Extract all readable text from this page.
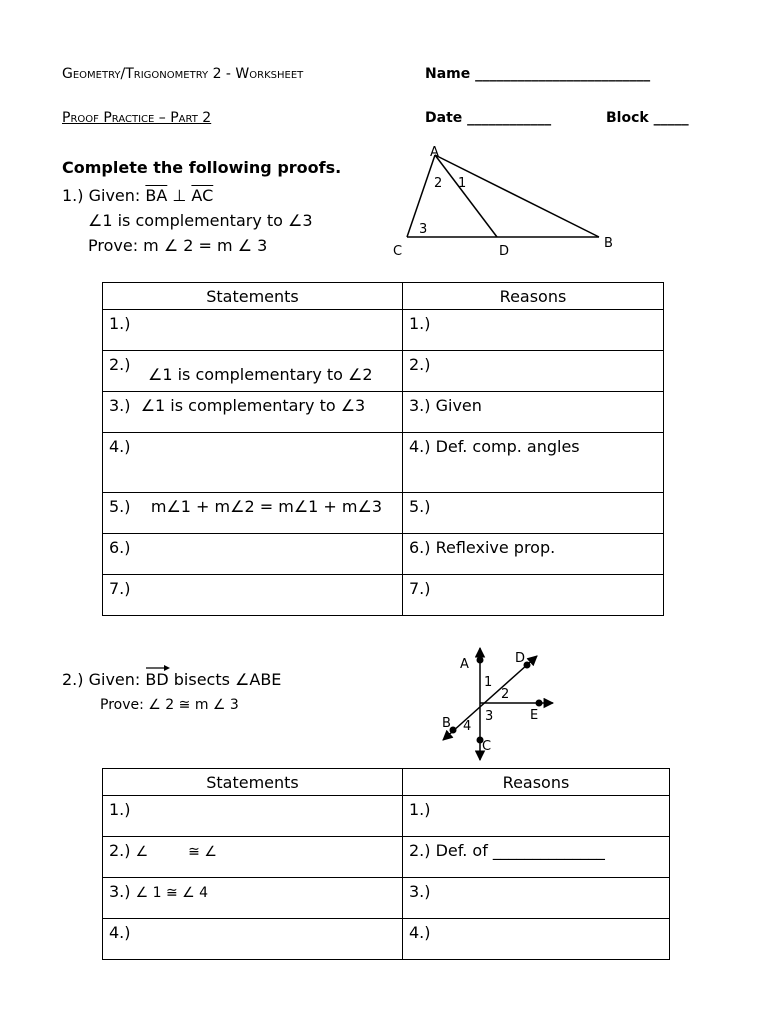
Geometry/Trigonometry 2 - Worksheet
Proof Practice – Part 2
Name _________________________
Date ____________	Block _____
Complete the following proofs.
1.) Given: $\overline{BA}$ ⊥ $\overline{AC}$
∠1 is complementary to ∠3
Prove: m ∠ 2 = m ∠ 3
A
2 1
3
C	D
B
Statements	Reasons
1.)	1.)
2.)
∠1 is complementary to ∠2	2.)
3.) ∠1 is complementary to ∠3	3.) Given
4.)	4.) Def. comp. angles
5.) m∠1 + m∠2 = m∠1 + m∠3	5.)
6.)	6.) Reflexive prop.
7.)	7.)
2.) Given:
BD bisects ∠ABE
Prove: ∠ 2 ≅ m ∠ 3
A	D
E
B
C
1
2
3
4
Statements	Reasons
1.)	1.)
2.) ∠ ≅ ∠	2.) Def. of ______________
3.) ∠ 1 ≅ ∠ 4	3.)
4.)	4.)
